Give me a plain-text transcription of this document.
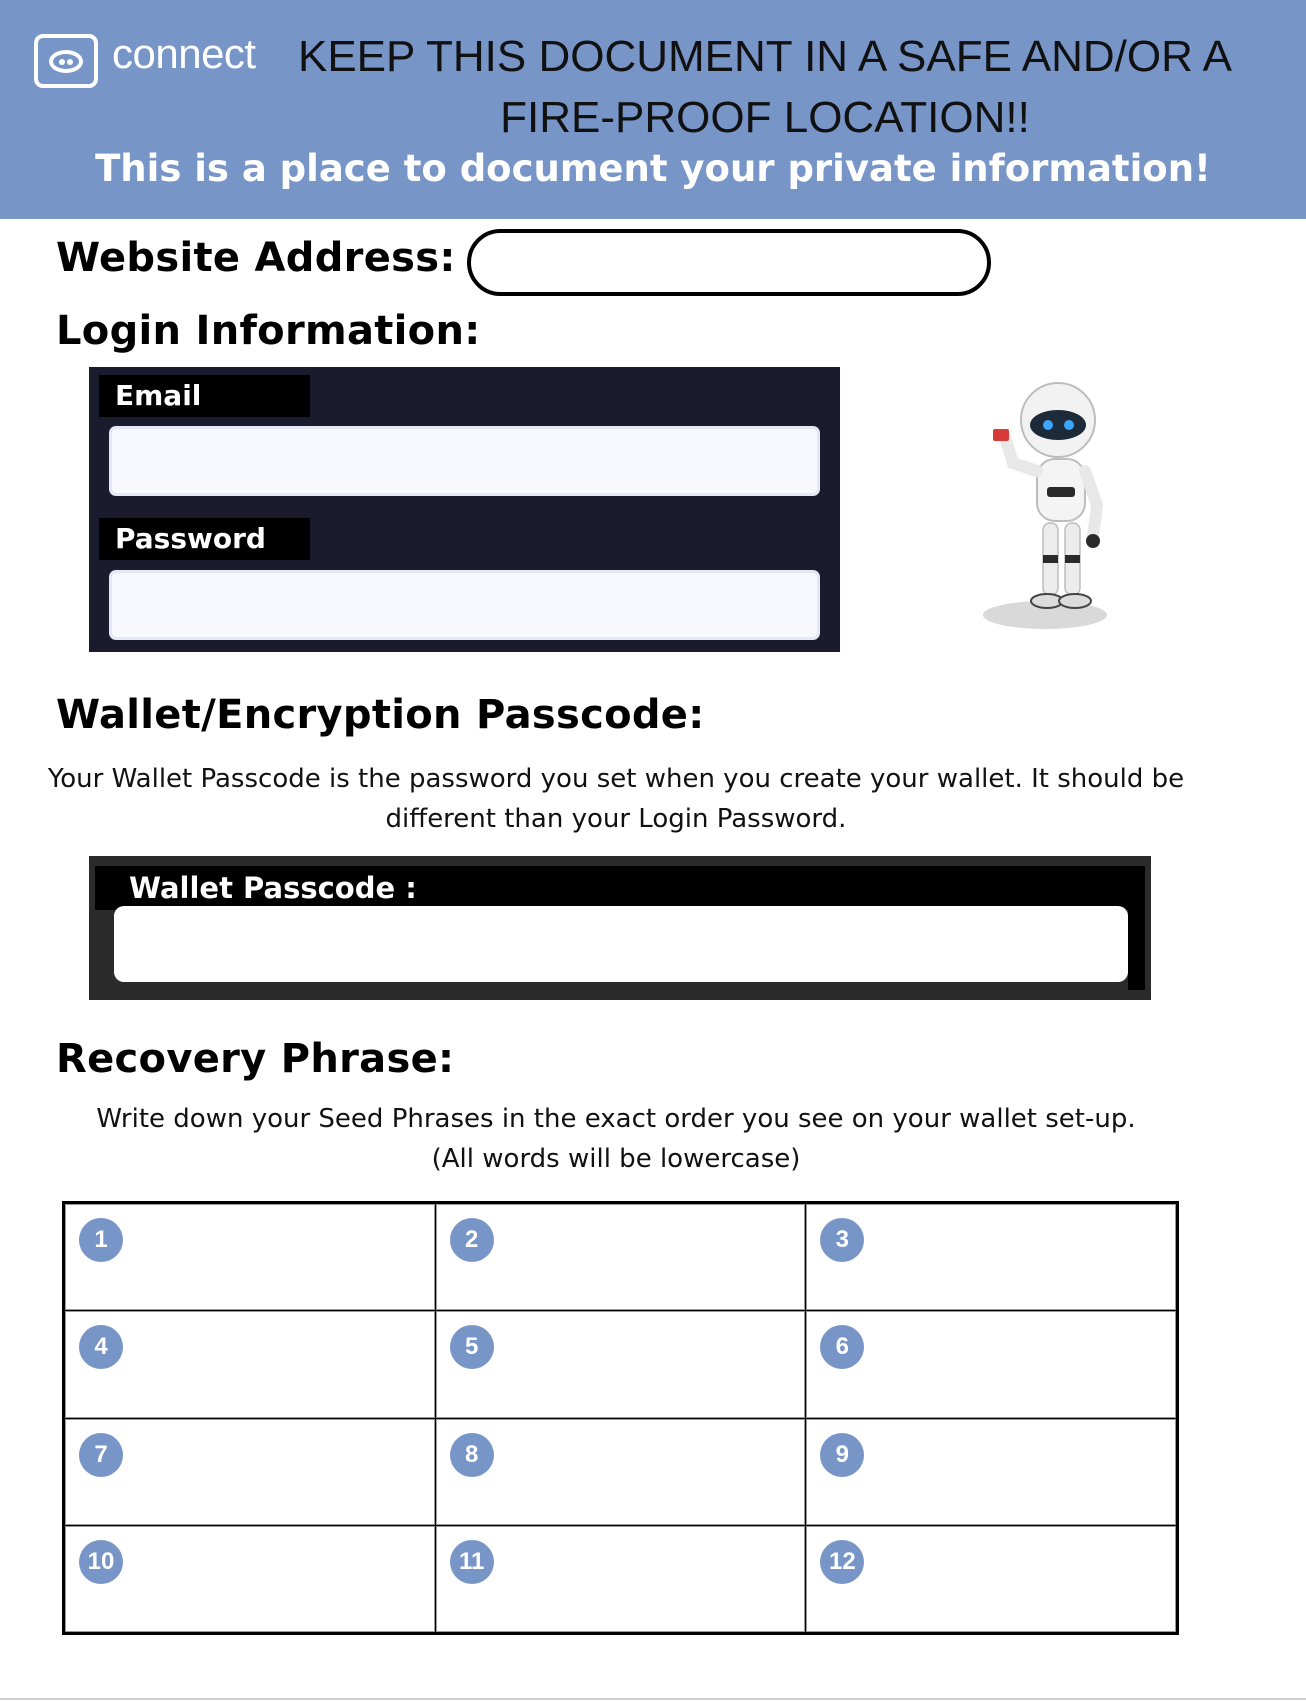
connect KEEP THIS DOCUMENT IN A SAFE AND/OR A FIRE-PROOF LOCATION!!
This is a place to document your private information!
Website Address:
Login Information:
Email
Password
Wallet/Encryption Passcode:
Your Wallet Passcode is the password you set when you create your wallet. It should be different than your Login Password.
Wallet Passcode :
Recovery Phrase:
Write down your Seed Phrases in the exact order you see on your wallet set-up.
(All words will be lowercase)
1	2	3
4	5	6
7	8	9
10	11	12
